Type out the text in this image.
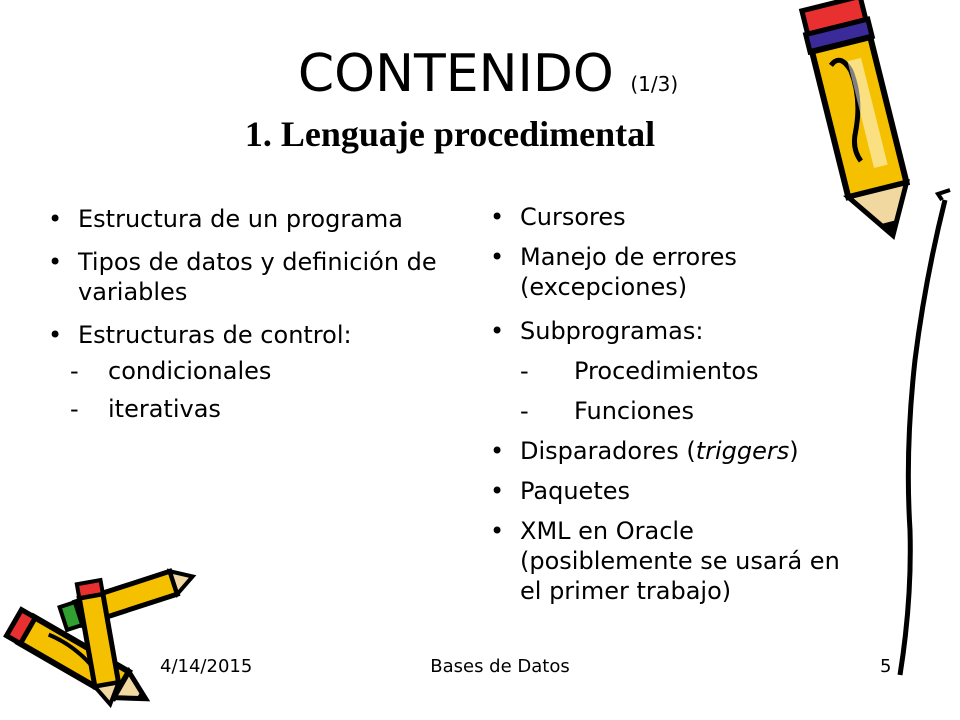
CONTENIDO (1/3)
1. Lenguaje procedimental
• Estructura de un programa
• Tipos de datos y definición de variables
• Estructuras de control:
- condicionales
- iterativas
• Cursores
• Manejo de errores (excepciones)
• Subprogramas:
- Procedimientos
- Funciones
• Disparadores (triggers)
• Paquetes
• XML en Oracle (posiblemente se usará en el primer trabajo)
4/14/2015	Bases de Datos	5
